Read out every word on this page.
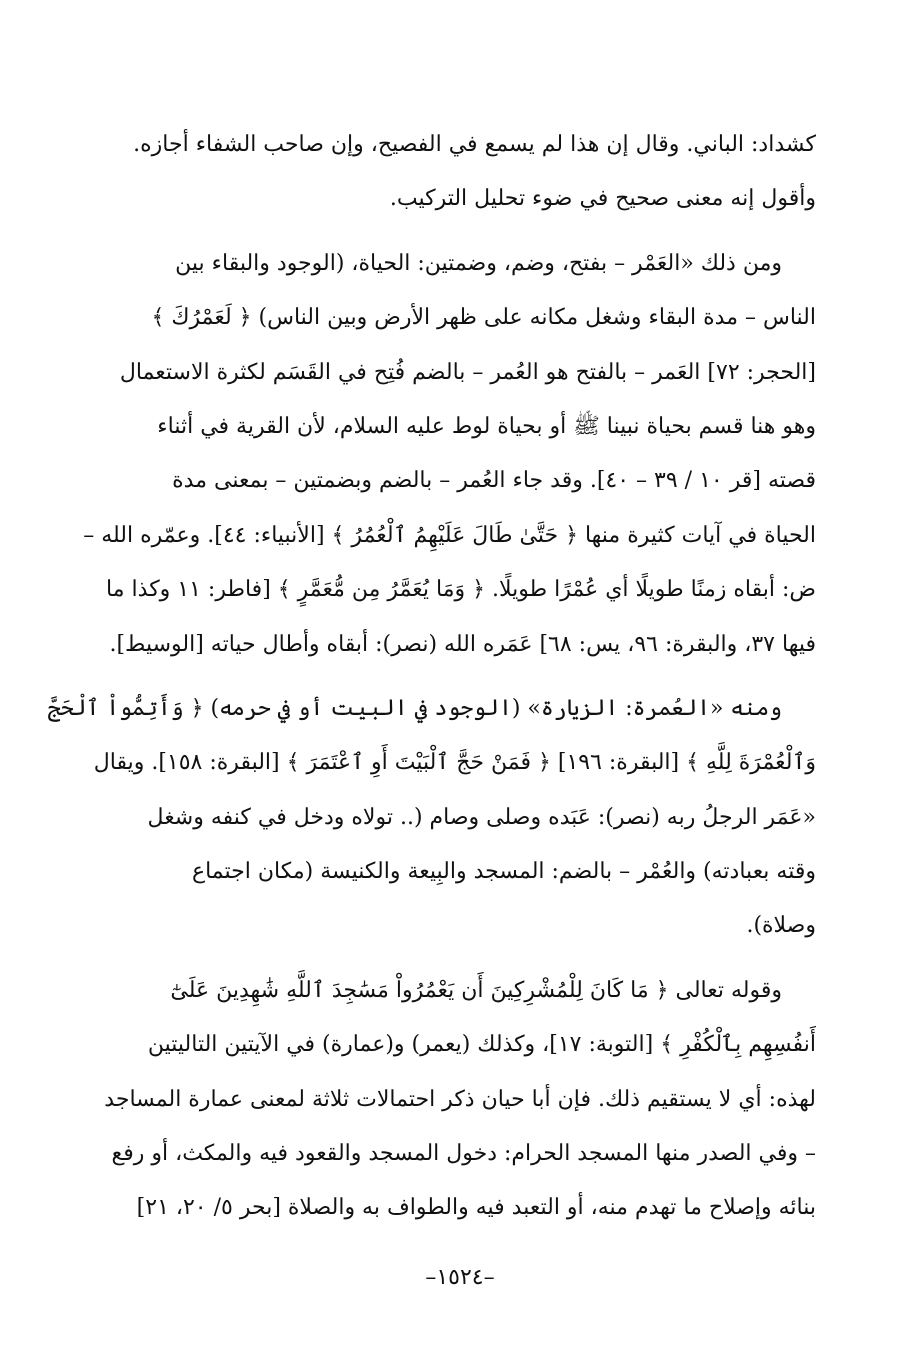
كشداد: الباني. وقال إن هذا لم يسمع في الفصيح، وإن صاحب الشفاء أجازه.
وأقول إنه معنى صحيح في ضوء تحليل التركيب.
ومن ذلك «العَمْر – بفتح، وضم، وضمتين: الحياة، (الوجود والبقاء بين
الناس – مدة البقاء وشغل مكانه على ظهر الأرض وبين الناس) ﴿ لَعَمْرُكَ ﴾
[الحجر: ٧٢] العَمر – بالفتح هو العُمر – بالضم فُتِح في القَسَم لكثرة الاستعمال
وهو هنا قسم بحياة نبينا ﷺ أو بحياة لوط عليه السلام، لأن القرية في أثناء
قصته [قر ١٠ / ٣٩ – ٤٠]. وقد جاء العُمر – بالضم وبضمتين – بمعنى مدة
الحياة في آيات كثيرة منها ﴿ حَتَّىٰ طَالَ عَلَيْهِمُ ٱلْعُمُرُ ﴾ [الأنبياء: ٤٤]. وعمّره الله –
ض: أبقاه زمنًا طويلًا أي عُمْرًا طويلًا. ﴿ وَمَا يُعَمَّرُ مِن مُّعَمَّرٍ ﴾ [فاطر: ١١ وكذا ما
فيها ٣٧، والبقرة: ٩٦، يس: ٦٨] عَمَره الله (نصر): أبقاه وأطال حياته [الوسيط].
ومنه «العُمرة: الزيارة» (الوجود في البيت أو في حرمه) ﴿ وَأَتِمُّواْ ٱلْحَجَّ
وَٱلْعُمْرَةَ لِلَّهِ ﴾ [البقرة: ١٩٦] ﴿ فَمَنْ حَجَّ ٱلْبَيْتَ أَوِ ٱعْتَمَرَ ﴾ [البقرة: ١٥٨]. ويقال
«عَمَر الرجلُ ربه (نصر): عَبَده وصلى وصام (.. تولاه ودخل في كنفه وشغل
وقته بعبادته) والعُمْر – بالضم: المسجد والبِيعة والكنيسة (مكان اجتماع
وصلاة).
وقوله تعالى ﴿ مَا كَانَ لِلْمُشْرِكِينَ أَن يَعْمُرُواْ مَسَٰجِدَ ٱللَّهِ شَٰهِدِينَ عَلَىٰٓ
أَنفُسِهِم بِٱلْكُفْرِ ﴾ [التوبة: ١٧]، وكذلك (يعمر) و(عمارة) في الآيتين التاليتين
لهذه: أي لا يستقيم ذلك. فإن أبا حيان ذكر احتمالات ثلاثة لمعنى عمارة المساجد
– وفي الصدر منها المسجد الحرام: دخول المسجد والقعود فيه والمكث، أو رفع
بنائه وإصلاح ما تهدم منه، أو التعبد فيه والطواف به والصلاة [بحر ٥/ ٢٠، ٢١]
–١٥٢٤–
